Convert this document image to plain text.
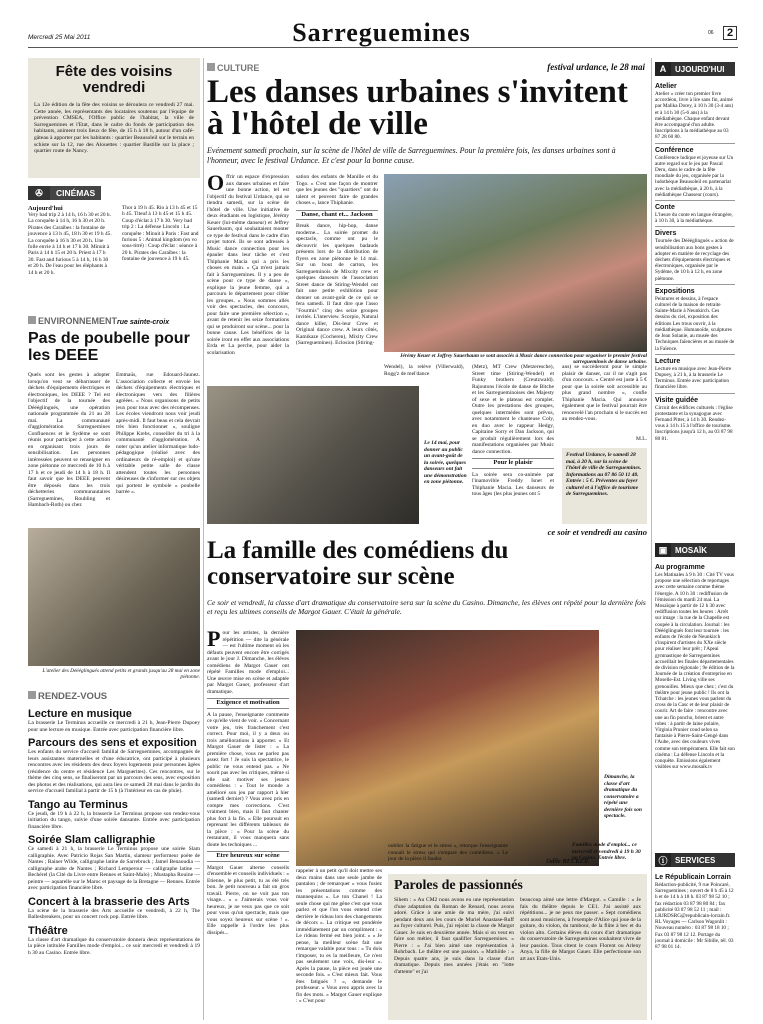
Mercredi 25 Mai 2011	Sarreguemines	06	2
Fête des voisins vendredi
La 12e édition de la fête des voisins se déroulera ce vendredi 27 mai. Cette année, les représentants des locataires soutenus par l'équipe de prévention CMSEA, l'Office public de l'habitat, la ville de Sarreguemines et l'Etat, dans le cadre du fonds de participation des habitants, animent trois lieux de fête, de 15 h à 18 h, autour d'un café-gâteau à apporter par les habitants : quartier Beausoleil sur le terrain en schiste sur la 12, rue des Alouettes : quartier Bastille sur la place ; quartier route de Nancy.
✇	CINÉMAS
Aujourd'hui
Very bad trip 2 à 14 h, 16 h 30 et 20 h. La conquête à 14 h, 16 h 30 et 20 h. Pirates des Caraïbes : la fontaine de jouvence à 13 h 45, 18 h 30 et 19 h 45. La conquête à 16 h 30 et 20 h. Une folle envie à 14 h et 17 h 30. Minuit à Paris à 14 h 15 et 20 h. Priest à 17 h 30. Fast and furious 5 à 14 h, 16 h 30 et 20 h. De l'eau pour les éléphants à 14 h et 20 h.
Thor à 19 h 45. Rio à 13 h 45 et 15 h 45. Titeuf à 13 h 45 et 15 h 45. Coup d'éclat à 17 h 30. Very bad trip 2 : La défense Lincoln : La conquête : Minuit à Paris : Fast and furious 5 : Animal kingdom (en vo sous-titré) : Coup d'éclat : séance à 20 h. Pirates des Caraïbes : la fontaine de jouvence à 19 h 45.
ENVIRONNEMENTrue sainte-croix
Pas de poubelle pour les DEEE
Quels sont les gestes à adopter lorsqu'on veut se débarrasser de déchets d'équipements électriques et électroniques, les DEEE ? Tel est l'objectif de la tournée des Déééglingués, une opération nationale programmée du 21 au 28 mai. La communauté d'agglomération Sarreguemines Confluences et le Sydème se sont réunis pour participer à cette action en organisant trois jours de sensibilisation. Les personnes intéressées peuvent se renseigner en zone piétonne ce mercredi de 10 h à 17 h et ce jeudi de 14 h à 18 h. Il faut savoir que les DEEE peuvent être déposés dans les trois déchetteries communautaires (Sarreguemines, Rouhling et Hambach-Roth) ou chez
Emmaüs, rue Edouard-Jaunez. L'association collecte et envoie les déchets d'équipements électriques et électroniques vers des filières agréées. « Nous organisons de petits jeux pour tous avec des récompenses. Les écoles viendront nous voir jeudi après-midi. Il faut beau et cela devrait très bien fonctionner », souligne Philippe Krebs, conseiller du tri à la communauté d'agglomération. A noter qu'un atelier informatique ludo-pédagogique (réalisé avec des ordinateurs de ré-emploi) et qu'une véritable petite salle de classe attendent toutes les personnes désireuses de s'informer sur ces objets qui portent le symbole « poubelle barrée ».
L'atelier des Déééglingués attend petits et grands jusqu'au 28 mai en zone piétonne.
RENDEZ-VOUS
Lecture en musique
La brasserie Le Terminus accueille ce mercredi à 21 h, Jean-Pierre Dupoey pour une lecture en musique. Entrée avec participation financière libre.
Parcours des sens et exposition
Les enfants du service d'accueil familial de Sarreguemines, accompagnés de leurs assistantes maternelles et d'une éducatrice, ont participé à plusieurs rencontres avec les résidents des deux foyers logements pour personnes âgées (résidence du centre et résidence Les Marguerites). Ces rencontres, sur le thème des cinq sens, se finaliseront par un parcours des sens, avec exposition des photos et des réalisations, qui aura lieu ce samedi 28 mai dans le jardin du service d'accueil familial à partir de 15 h (à l'intérieur en cas de pluie).
Tango au Terminus
Ce jeudi, de 19 h à 22 h, la brasserie Le Terminus propose son rendez-vous initiation du tango, suivie d'une soirée dansante. Entrée avec participation financière libre.
Soirée Slam calligraphie
Ce samedi à 21 h, la brasserie Le Terminus propose une soirée Slam calligraphie. Avec Patricio Rojas San Martin, slameur performeur poète de Nantes ; Rainer Wilde, calligraphe latine de Sarrebruck ; Jamel Benaoudia — calligraphe arabe de Nantes ; Richard Lemperour — calligraphe latine — Bechérel (la Cité du Livre entre Rennes et Saint-Malo) ; Mustapha Rouine — peintre — aquarelle sur le Maroc et paysage de la Bretagne — Rennes. Entrée avec participation financière libre.
Concert à la brasserie des Arts
La scène de la brasserie des Arts accueille ce vendredi, à 22 h, The Ballesbreakers, pour un concert rock pop. Entrée libre.
Théâtre
La classe d'art dramatique du conservatoire donnera deux représentations de la pièce intitulée Familles mode d'emploi... ce soir mercredi et vendredi à 19 h 30 au Casino. Entrée libre.
CULTURE	festival urdance, le 28 mai
Les danses urbaines s'invitent à l'hôtel de ville
Evénement samedi prochain, sur la scène de l'hôtel de ville de Sarreguemines. Pour la première fois, les danses urbaines sont à l'honneur, avec le festival Urdance. Et c'est pour la bonne cause.
Offrir un espace d'expression aux danses urbaines et faire une bonne action, tel est l'objectif du festival Urdance, qui se tiendra samedi, sur la scène de l'hôtel de ville. Une initiative de deux étudiants en logistique, Jérémy Keuer (lui-même danseur) et Jeffrey Sauerbaum, qui souhaitaient monter ce type de festival dans le cadre d'un projet tutoré. Ils se sont adressés à Music dance connection pour les épauler dans leur tâche et c'est Thiphanie Macia qui a pris les choses en main. « Ça m'est jamais fait à Sarreguemines. Il y a peu de scène pour ce type de danse », explique la jeune femme, qui a parcouru le département pour cibler les groupes. « Nous sommes allés voir des spectacles, des concours, pour faire une première sélection », avant de retenir les seize formations qui se produiront sur scène... pour la bonne cause. Les bénéfices de la soirée iront en effet aux associations Erda et La perche, pour aider la scolarisation
sation des enfants de Manille et du Togo. « C'est une façon de montrer que les jeunes des "quartiers" ont du talent et peuvent faire de grandes choses », lance Thiphanie.
Danse, chant et... Jackson
Break dance, hip-hop, danse moderne... La soirée promet du spectacle, comme ont pu le découvrir les quelques badauds présents lors de la distribution de flyers en zone piétonne le 14 mai. Sur un bout de carton, les Sarregueminois de Mixcity crew et quelques danseurs de l'association Street dance de Stiring-Wendel ont fait une petite exhibition pour donner un avant-goût de ce qui se fera samedi. Il faut dire que l'asso "Fourmis" cinq des seize groupes invités. L'interview. Scorpio, Natural dance killer, Dis-leur Crew et Original dance crew. A leurs côtés, Kamikaze (Cocheren), Mixity Crew (Sarreguemines). Eclosion (Stiring-
Jérémy Keuer et Joffrey Sauerbaum se sont associés à Music dance connection pour organiser le premier festival sarregueminois de danse urbaine.
Wendel), la relève (Villerwald), Rogg'z de mel'dance
(Metz), MT Crew (Metzeresche), Street time (Stiring-Wendel) et Funky brothers (Creutzwald). Rajoutons l'école de danse de Bitche et les Sarregueminoises des Majesty of sexe et le plateau est complet. Outre les prestations des groupes, quelques intermèdes sont prévus, avec notamment le chanteuse Coly, en duo avec le rappeur Hedgy, Capitaine Sorry et Dan Jackson, qui se produit régulièrement lors des manifestations organisées par Music dance connection.
Pour le plaisir
La soirée sera co-animée par l'inamovible Freddy Isnet et Thiphanie Macia. Les danseurs de tous âges (les plus jeunes ont 5
ans) se succèderont pour le simple plaisir de danser, car il ne s'agit pas d'un concours. « Centré est juste à 5 € pour que la soirée soit accessible au plus grand nombre », confie Thiphanie Macia. Qui annonce également que le festival pourrait être renouvelé l'an prochain si le succès est au rendez-vous.
M.L.
Festival Urdance, le samedi 28 mai, à 20 h, sur la scène de l'hôtel de ville de Sarreguemines. Informations au 07 86 50 11 40. Entrée : 5 €. Préventes au foyer culturel et à l'office de tourisme de Sarreguemines.
Le 14 mai, pour donner au public un avant-goût de la soirée, quelques danseurs ont fait une démonstration en zone piétonne.
ce soir et vendredi au casino
La famille des comédiens du conservatoire sur scène
Ce soir et vendredi, la classe d'art dramatique du conservatoire sera sur la scène du Casino. Dimanche, les élèves ont répété pour la dernière fois et reçu les ultimes conseils de Margot Gauer. C'était la générale.
Pour les artistes, la dernière répétition — dite la générale — est l'ultime moment où les défauts peuvent encore être corrigés avant le jour J. Dimanche, les élèves comédiens de Margot Gauer ont répété Familles mode d'emploi... Une œuvre mise en scène et adaptée par Margot Gauer, professeur d'art dramatique.
Exigence et motivation
A la pause, l'enseignante commente ce qu'elle vient de voir. « Concernant votre jeu, très franchement c'est correct. Pour moi, il y a deux ou trois améliorations à apporter. » Et Margot Gauer de lister : « La première chose, vous ne parlez pas assez fort ! Je suis la spectatrice, le public ne vous entend pas. » Ne sourit pas avec les critiques, même si elle sait motiver ses jeunes comédiens : « Tout le monde a amélioré son jeu par rapport à hier (samedi dernier) ? Vous avez pris en compte mes corrections. C'est vraiment bien, mais il faut chanter plus fort à la fin. » Elle poursuit en reprenant les différents tableaux de la pièce : « Pour la scène du restaurant, il vous manquera sans doute les techniques ...
Etre heureux sur scène
Margot Gauer alterne conseils d'ensemble et conseils individuels : « Etienne, le plus petit, tu as été très bon. Je petit nouveau a fait un gros travail. Pierre, on ne voit pas ton visage... » « J'aimerais vous voir heureux, je ne veux pas que ce soit pour vous qu'un spectacle, mais que vous soyez heureux sur scène ! ». Elle rappelle à l'ordre les plus dissipés...
Dimanche, la classe d'art dramatique du conservatoire a répété une dernière fois son spectacle.
rappeler à un petit qu'il doit mettre ses deux mains dans une seule jambe de pantalon ; de remarquer « vous fusiez les présentations comme des mannequins ». Le ton Chanel ! La seule chose qui me gêne c'est que vous parlez et que l'on vous entend crier derrière le rideau lors des changements de décors ». La critique est pondérée immédiatement par un compliment : « Le rideau fermé est bien joint. » « Je pense, la meilleur scène fait une remarque valable pour tous : « Tu dois t'imposer, tu es la meilleure, Ce n'est pas seulement une voix, dis-leur ». Après la pause, la pièce est jouée une seconde fois. « C'est mieux fait. Vous êtes fatigués ? », demande le professeur. « Vous avez appris avec la fin des mots. » Margot Gauer explique : « C'est pour
oublier la fatigue et le stress », rétorque l'enseignante connaît le stress qui s'empare des comédiens. « Le jour de la pièce il faudra	Odile BECKER.
Familles mode d'emploi... ce mercredi et vendredi à 19 h 30 au Casino. Entrée libre.
Paroles de passionnés
Sihem : « Au CM2 nous avons eu une représentation d'une adaptation du Roman de Renard, nous avons adoré. Grâce à une amie de ma mère, j'ai suivi pendant deux ans les cours de Muriel Anastase-Ruff au foyer culturel. Puis, j'ai rejoint la classe de Margot Gauer. Je suis en deuxième année. Mais si on veut en faire son métier, il faut qualifier Sarreguemines. » Pierre : « J'ai bien aimé une représentation à Rohrbach. Le théâtre est une passion. » Mathilde : « Depuis quatre ans, je suis dans la classe d'art dramatique. Depuis mes années j'étais en "lotte d'attente" et j'ai
beaucoup aimé une lettre d'Margot. » Camille : « Je fais du théâtre depuis le CE1. J'ai assisté aux répétitions... je ne peux me passer. » Sept comédiens sont aussi musiciens, à l'exemple d'Alice qui joue de la guitare, du violon, du tambour, de la flûte à bec et du violon alto. Certains élèves du cours d'art dramatique du conservatoire de Sarreguemines souhaitent vivre de leur passion. Tous citent le cours Florent ou Arleny Anya, la fille de Margot Gauer. Elle perfectionne son art aux Etats-Unis.
A	UJOURD'HUI
Atelier
Atelier « créer ton premier livre accordéon, livre à lire sans fin, animé par Malika Dorey, à 10 h 30 (3-4 ans) et à 14 h 30 (5-6 ans) à la médiathèque. Chaque enfant devant être accompagné d'un adulte. Inscriptions à la médiathèque au 03 87 28 60 80.
Conférence
Conférence ludique et joyeuse sur Un autre regard sur le jeu par Pascal Deru, dans le cadre de la fête mondiale du jeu, organisée par la ludothèque Beausoleil en partenariat avec la médiathèque, à 20 h, à la médiathèque Chasseur (cours).
Conte
L'heure du conte en langue étrangère, à 10 h 30, à la médiathèque.
Divers
Tournée des Déééglingués « action de sensibilisation aux bons gestes à adopter en matière de recyclage des déchets d'équipements électriques et électroniques, organisée par le Sydème, de 10 h à 12 h, en zone piétonne.
Expositions
Peintures et dessins, à l'espace culturel de la maison de retraite Sainte-Marie à Neunkirch. Ces dessins du ciel, exposition des éditions Les trous ouvrir, à la médiathèque. Humanoïde, sculptures de Jean Solanie, au musée des Techniques faïencières et au musée de la Faïence.
Lecture
Lecture en musique avec Jean-Pierre Dupoey, à 21 h, à la brasserie Le Terminus. Entrée avec participation financière libre.
Visite guidée
Circuit des édifices culturels : l'église protestante et la synagogue avec Fernand Pitter, à 14 h 30. Rendez-vous à 14 h 15 à l'office de tourisme. Inscriptions jusqu'à 12 h, au 03 87 98 80 81.
▣ MOSAÏK
Au programme
Les Matinales à 9 h 30 : Cité TV vous propose une sélection de reportages avec cette semaine comme thème l'énergie. A 10 h 30 : rediffusion de l'émission du mardi 24 mai. La Mosaïque à partir de 12 h 30 avec rediffusion toutes les heures : Arrêt sur image : la rue de la Chapelle est coupée à la circulation. Journal : les Déééglingués font leur tournée : les enfants de l'école de Neunkirch s'inspirent d'artistes du XXe siècle pour réaliser leur prêt ; l'Apeai gymnastique de Sarreguemines accueillait les finales départementales de division régionale ; 9e édition de la Journée de la création d'entreprise en Moselle-Est. Living ville ses grenouilles. Mieux que chez ; c'est du théâtre pour jeune public ! Ils ont la Tchatche : les jeunes vous parlent du cross de la Casc et de leur plaisir de courir. Art de faire : rencontre avec une au fin poncho, brient et autre robes : à partir de laine polaire, Virginia Prunier coud selon sa fantaisie à Pierre-Saint-Gengé dans l'Aube, avec des couleurs vives comme son tempérament. Elle fait son cinéma : La défense Lincoln et la conquête. Emissions également visibles sur www.mosaik.tv
ⓘ SERVICES
Le Républicain Lorrain
Rédaction-publicité, 9 rue Poincaré, Sarreguemines ; ouvert de 8 h 45 à 12 h et de 14 h à 18 h. 03 87 98 52 10 ; fax rédaction 03 87 98 80 84 ; fax publicité 03 87 98 52 11 ; mail : LRJRDSRG@republicain-lorrain.fr. RL Voyages — Carlson Wagonlit : Nouveau numéro : 03 87 98 18 10 ; Fax 03 87 98 12 12. Portage du journal à domicile : Mr Sibille, tél. 03 87 98 01 14.
